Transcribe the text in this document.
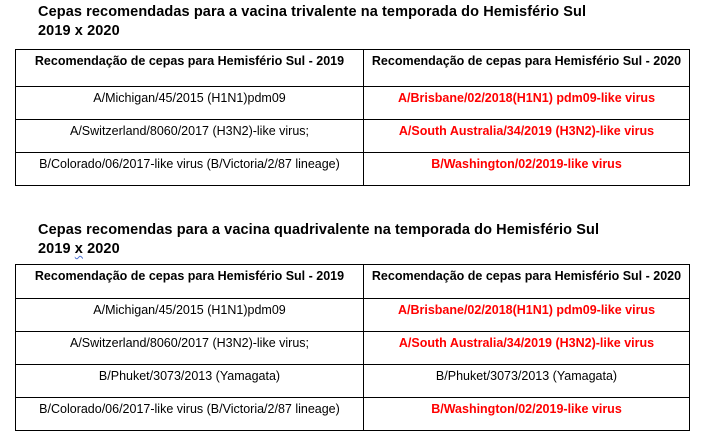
Cepas recomendadas para a vacina trivalente na temporada do Hemisfério Sul
2019 x 2020
Recomendação de cepas para Hemisfério Sul - 2019	Recomendação de cepas para Hemisfério Sul - 2020
A/Michigan/45/2015 (H1N1)pdm09	A/Brisbane/02/2018(H1N1) pdm09-like virus
A/Switzerland/8060/2017 (H3N2)-like virus;	A/South Australia/34/2019 (H3N2)-like virus
B/Colorado/06/2017-like virus (B/Victoria/2/87 lineage)	B/Washington/02/2019-like virus
Cepas recomendas para a vacina quadrivalente na temporada do Hemisfério Sul
2019 x 2020
Recomendação de cepas para Hemisfério Sul - 2019	Recomendação de cepas para Hemisfério Sul - 2020
A/Michigan/45/2015 (H1N1)pdm09	A/Brisbane/02/2018(H1N1) pdm09-like virus
A/Switzerland/8060/2017 (H3N2)-like virus;	A/South Australia/34/2019 (H3N2)-like virus
B/Phuket/3073/2013 (Yamagata)	B/Phuket/3073/2013 (Yamagata)
B/Colorado/06/2017-like virus (B/Victoria/2/87 lineage)	B/Washington/02/2019-like virus
